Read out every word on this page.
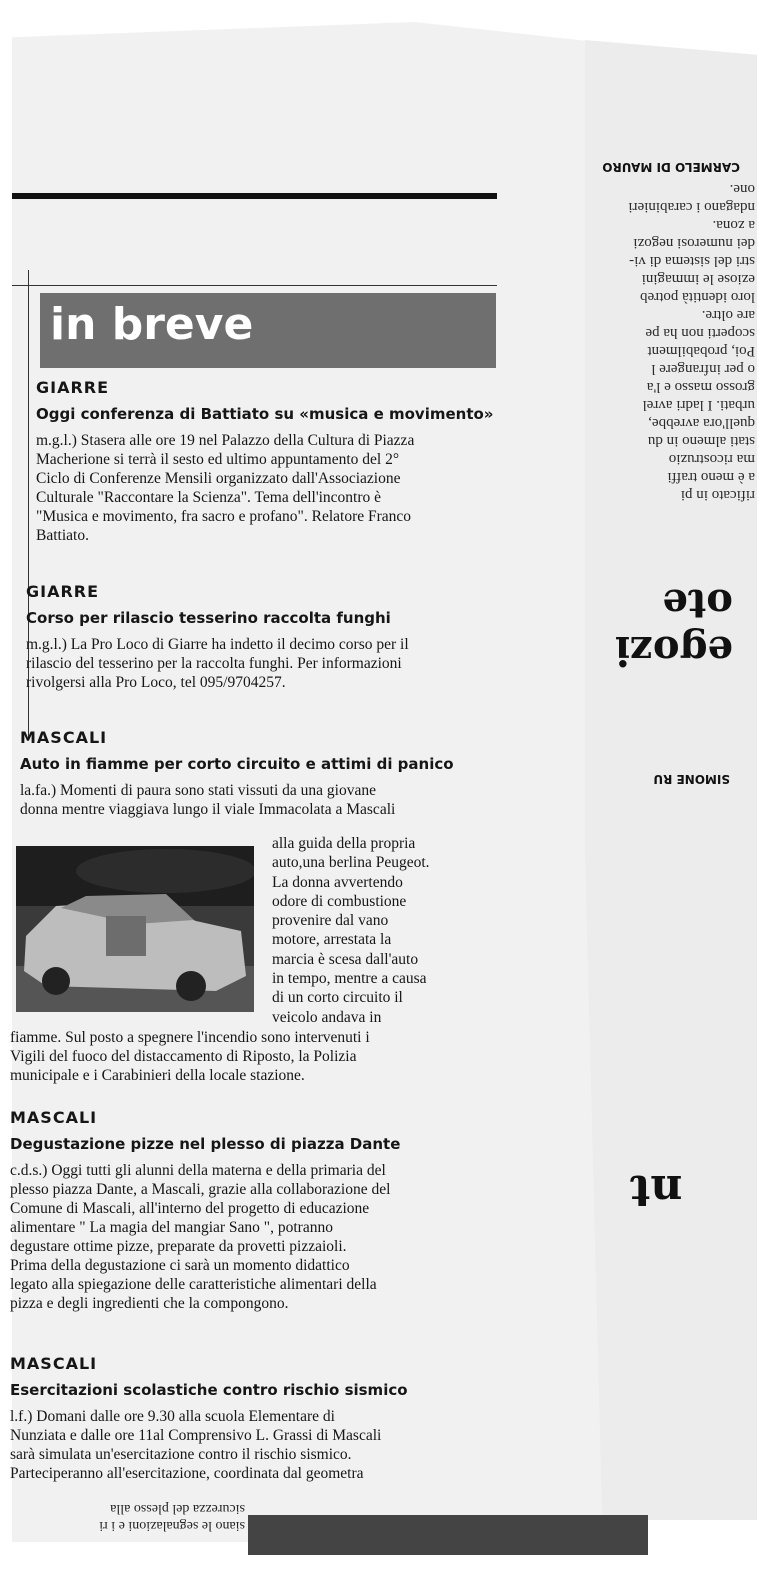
in breve
GIARRE
Oggi conferenza di Battiato su «musica e movimento»

m.g.l.) Stasera alle ore 19 nel Palazzo della Cultura di Piazza
Macherione si terrà il sesto ed ultimo appuntamento del 2°
Ciclo di Conferenze Mensili organizzato dall'Associazione
Culturale "Raccontare la Scienza". Tema dell'incontro è
"Musica e movimento, fra sacro e profano". Relatore Franco
Battiato.

GIARRE
Corso per rilascio tesserino raccolta funghi

m.g.l.) La Pro Loco di Giarre ha indetto il decimo corso per il
rilascio del tesserino per la raccolta funghi. Per informazioni
rivolgersi alla Pro Loco, tel 095/9704257.

MASCALI
Auto in fiamme per corto circuito e attimi di panico

la.fa.) Momenti di paura sono stati vissuti da una giovane
donna mentre viaggiava lungo il viale Immacolata a Mascali

alla guida della propria
auto,una berlina Peugeot.
La donna avvertendo
odore di combustione
provenire dal vano
motore, arrestata la
marcia è scesa dall'auto
in tempo, mentre a causa
di un corto circuito il
veicolo andava in

fiamme. Sul posto a spegnere l'incendio sono intervenuti i
Vigili del fuoco del distaccamento di Riposto, la Polizia
municipale e i Carabinieri della locale stazione.

MASCALI
Degustazione pizze nel plesso di piazza Dante

c.d.s.) Oggi tutti gli alunni della materna e della primaria del
plesso piazza Dante, a Mascali, grazie alla collaborazione del
Comune di Mascali, all'interno del progetto di educazione
alimentare " La magia del mangiar Sano ", potranno
degustare ottime pizze, preparate da provetti pizzaioli.
Prima della degustazione ci sarà un momento didattico
legato alla spiegazione delle caratteristiche alimentari della
pizza e degli ingredienti che la compongono.

MASCALI
Esercitazioni scolastiche contro rischio sismico

l.f.) Domani dalle ore 9.30 alla scuola Elementare di
Nunziata e dalle ore 11al Comprensivo L. Grassi di Mascali
sarà simulata un'esercitazione contro il rischio sismico.
Parteciperanno all'esercitazione, coordinata dal geometra

CARMELO DI MAURO
rificato in pi
a è meno traffi
ma ricostruzio
stati almeno in du
quell'ora avrebbe,
urbati. I ladri avrel
grosso masso e l'a
o per infrangere l
Poi, probabilment
scoperti non ha pe
are oltre.
loro identità potreb
eziose le immagini
stri del sistema di vi-
dei numerosi negozi
a zona.
ndagano i carabinieri
one.
egozi
ote
SIMONE RU
nt
siano le segnalazioni e i ri
sicurezza del plesso alla
